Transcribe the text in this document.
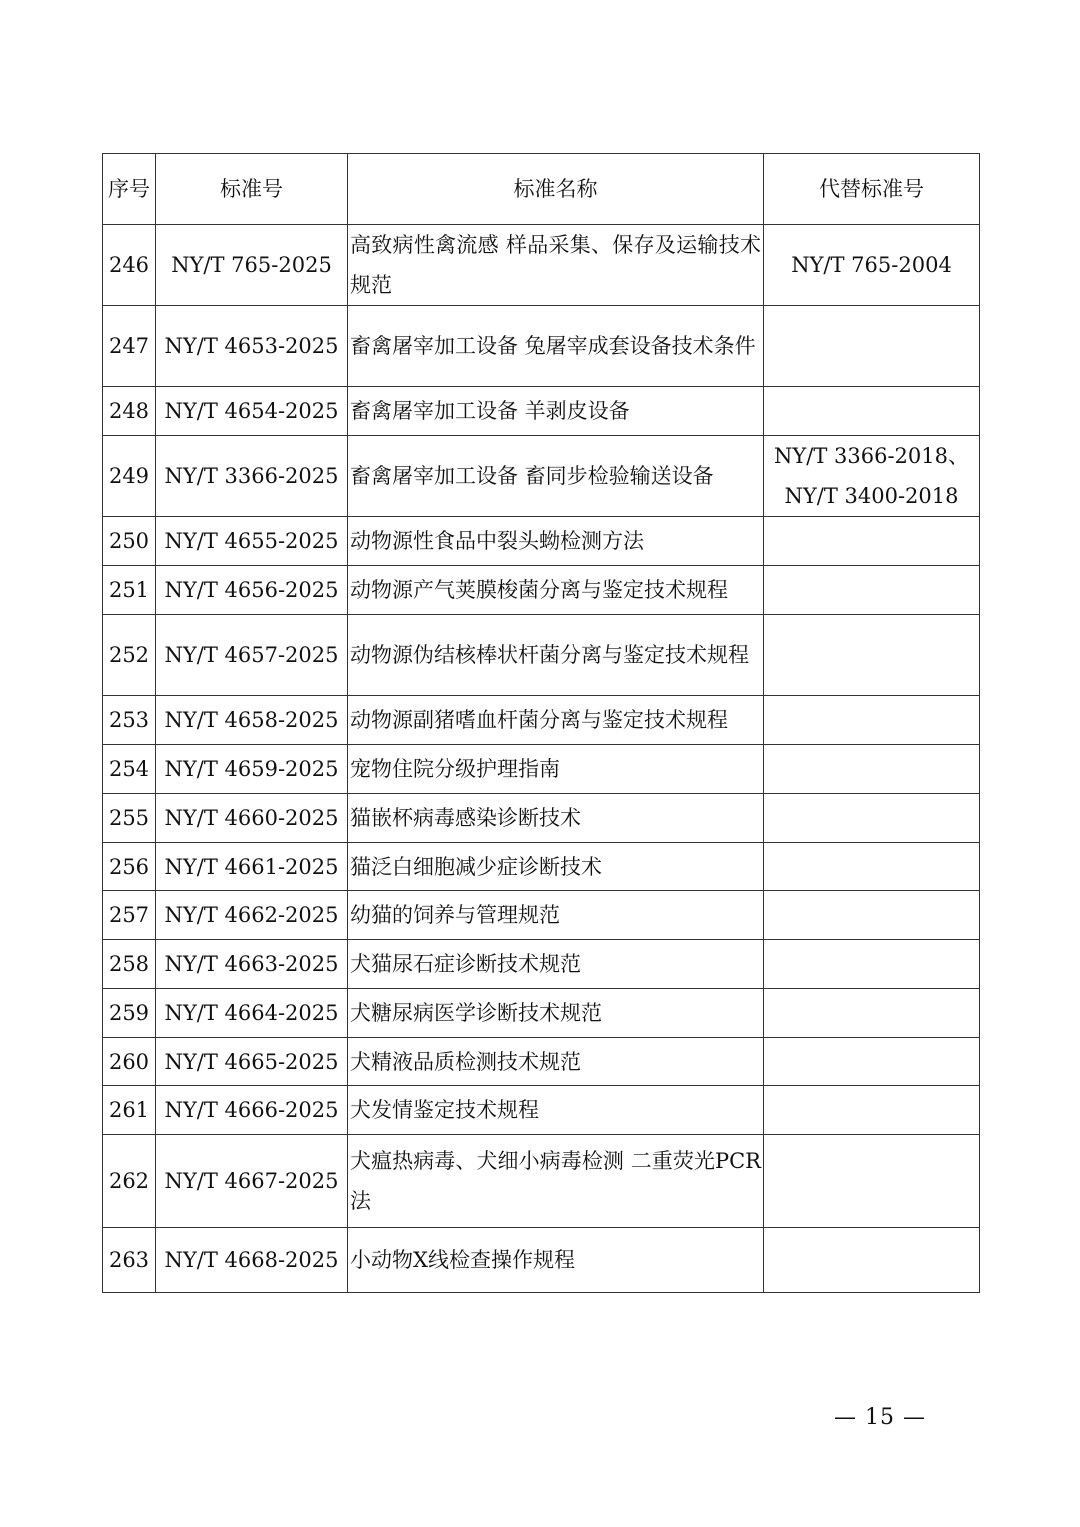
序号	标准号	标准名称	代替标准号
246	NY/T 765-2025	高致病性禽流感 样品采集、保存及运输技术规范	NY/T 765-2004
247	NY/T 4653-2025	畜禽屠宰加工设备 兔屠宰成套设备技术条件	
248	NY/T 4654-2025	畜禽屠宰加工设备 羊剥皮设备	
249	NY/T 3366-2025	畜禽屠宰加工设备 畜同步检验输送设备	NY/T 3366-2018、NY/T 3400-2018
250	NY/T 4655-2025	动物源性食品中裂头蚴检测方法	
251	NY/T 4656-2025	动物源产气荚膜梭菌分离与鉴定技术规程	
252	NY/T 4657-2025	动物源伪结核棒状杆菌分离与鉴定技术规程	
253	NY/T 4658-2025	动物源副猪嗜血杆菌分离与鉴定技术规程	
254	NY/T 4659-2025	宠物住院分级护理指南	
255	NY/T 4660-2025	猫嵌杯病毒感染诊断技术	
256	NY/T 4661-2025	猫泛白细胞减少症诊断技术	
257	NY/T 4662-2025	幼猫的饲养与管理规范	
258	NY/T 4663-2025	犬猫尿石症诊断技术规范	
259	NY/T 4664-2025	犬糖尿病医学诊断技术规范	
260	NY/T 4665-2025	犬精液品质检测技术规范	
261	NY/T 4666-2025	犬发情鉴定技术规程	
262	NY/T 4667-2025	犬瘟热病毒、犬细小病毒检测 二重荧光PCR法	
263	NY/T 4668-2025	小动物X线检查操作规程	
— 15 —
